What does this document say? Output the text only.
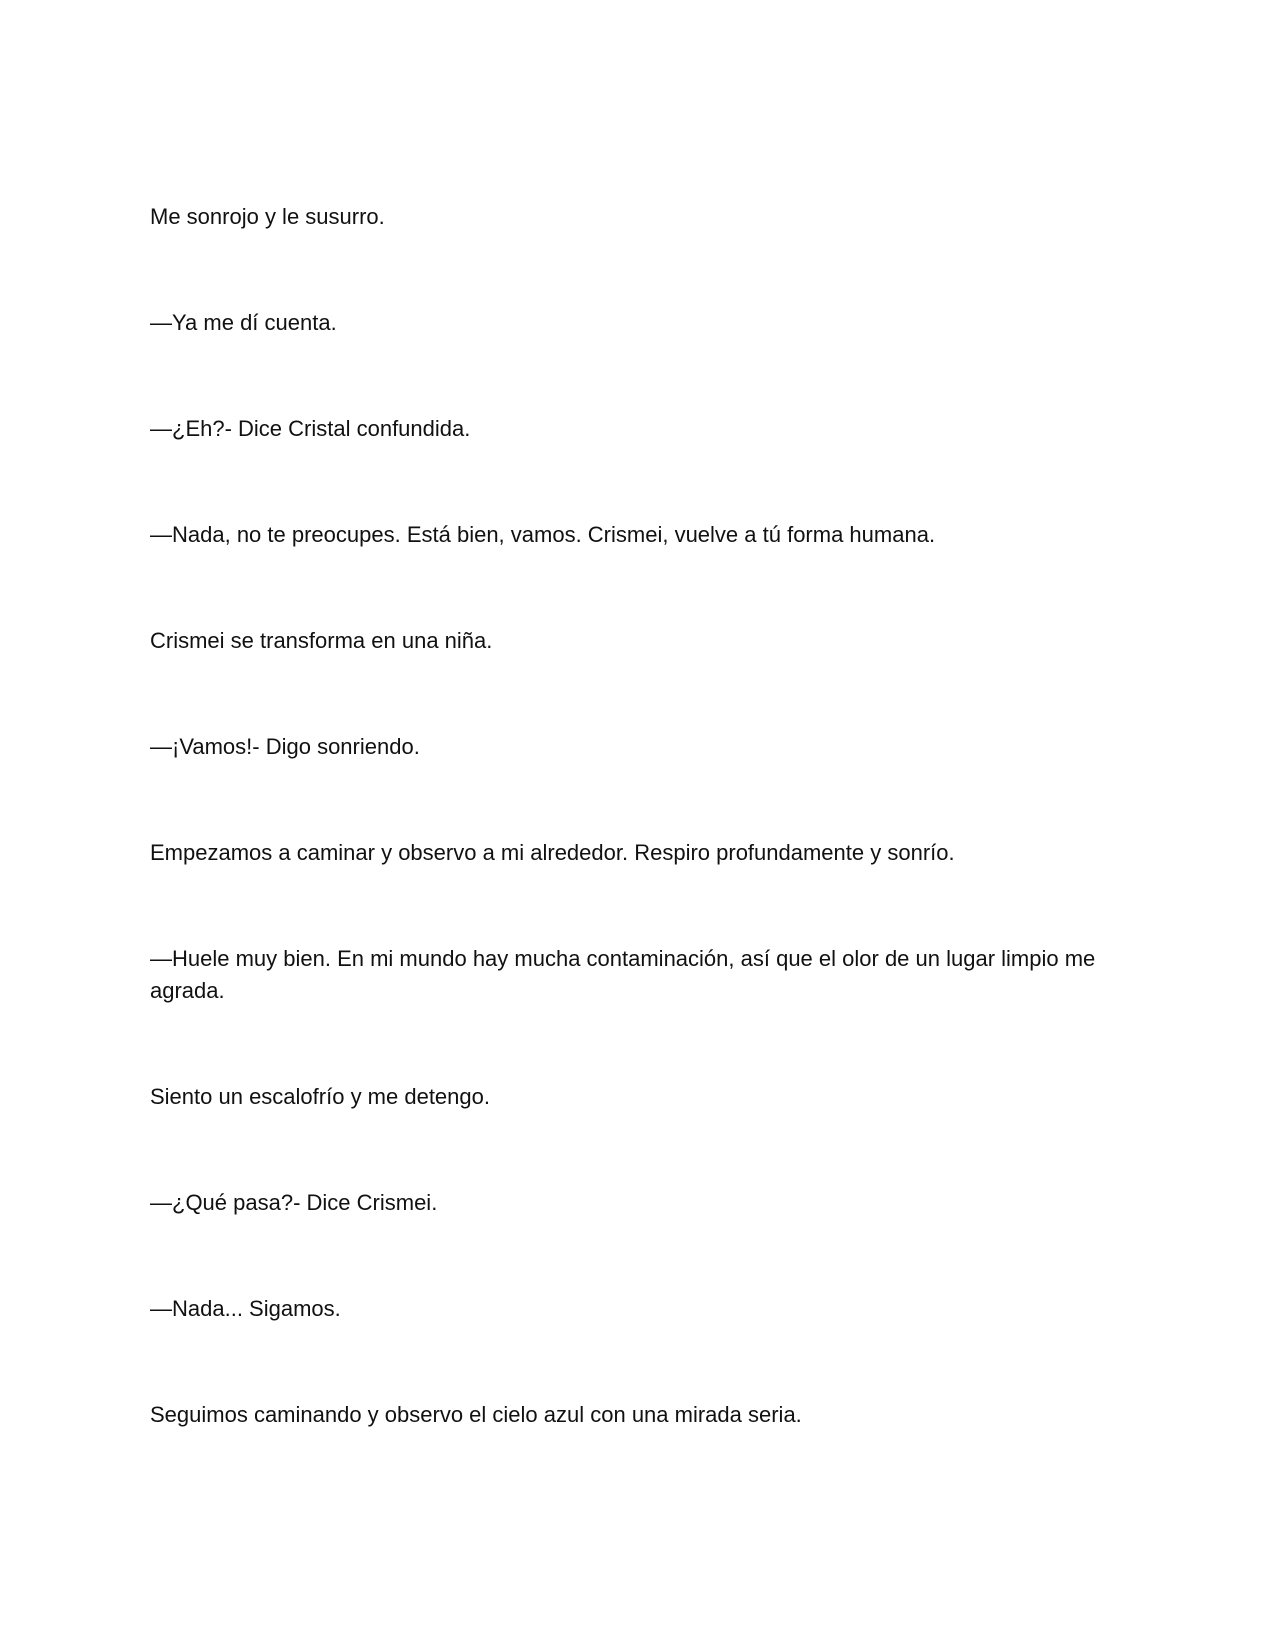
Me sonrojo y le susurro.

—Ya me dí cuenta.

—¿Eh?- Dice Cristal confundida.

—Nada, no te preocupes. Está bien, vamos. Crismei, vuelve a tú forma humana.

Crismei se transforma en una niña.

—¡Vamos!- Digo sonriendo.

Empezamos a caminar y observo a mi alrededor. Respiro profundamente y sonrío.

—Huele muy bien. En mi mundo hay mucha contaminación, así que el olor de un lugar limpio me agrada.

Siento un escalofrío y me detengo.

—¿Qué pasa?- Dice Crismei.

—Nada... Sigamos.

Seguimos caminando y observo el cielo azul con una mirada seria.
